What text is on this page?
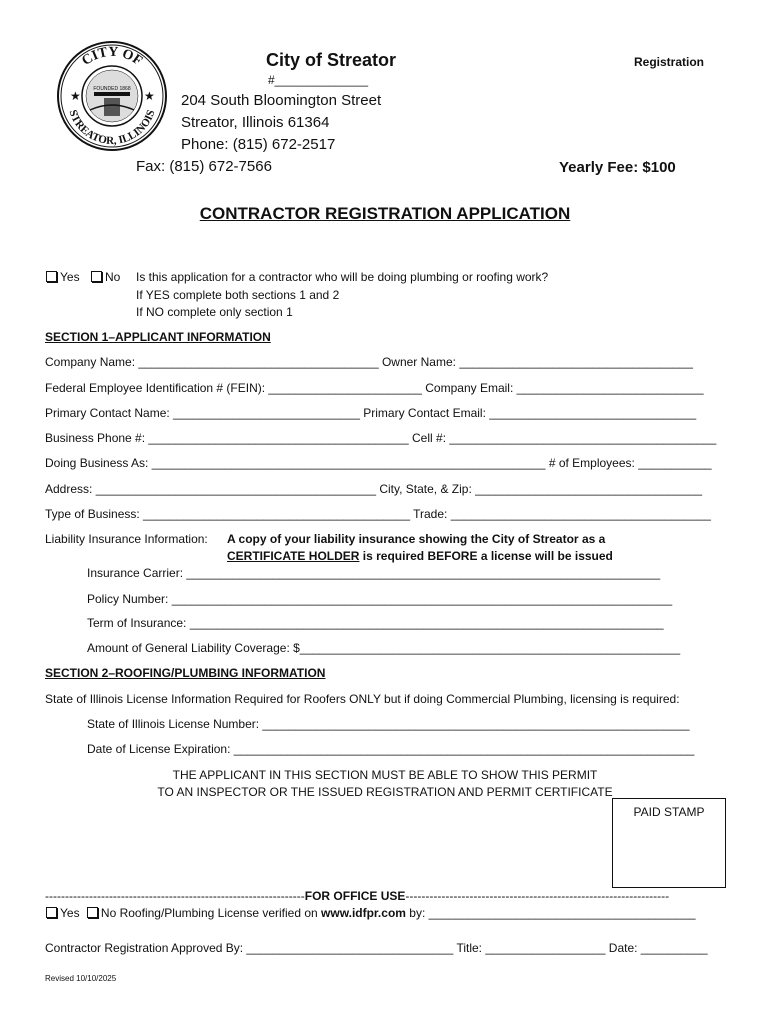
CITY OF
STREATOR, ILLINOIS
★	★
FOUNDED 1868
City of Streator
#______________
Registration
204 South Bloomington Street
Streator, Illinois 61364
Phone: (815) 672-2517
Fax: (815) 672-7566	Yearly Fee: $100
CONTRACTOR REGISTRATION APPLICATION
Yes	No Is this application for a contractor who will be doing plumbing or roofing work?
If YES complete both sections 1 and 2
If NO complete only section 1
SECTION 1–APPLICANT INFORMATION
Company Name: ____________________________________ Owner Name: ___________________________________
Federal Employee Identification # (FEIN): _______________________ Company Email: ____________________________
Primary Contact Name: ____________________________ Primary Contact Email: _______________________________
Business Phone #: _______________________________________ Cell #: ________________________________________
Doing Business As: ___________________________________________________________ # of Employees: ___________
Address: __________________________________________ City, State, & Zip: __________________________________
Type of Business: ________________________________________ Trade: _______________________________________
Liability Insurance Information: A copy of your liability insurance showing the City of Streator as a
CERTIFICATE HOLDER is required BEFORE a license will be issued
Insurance Carrier: _______________________________________________________________________
Policy Number: ___________________________________________________________________________
Term of Insurance: _______________________________________________________________________
Amount of General Liability Coverage: $_________________________________________________________
SECTION 2–ROOFING/PLUMBING INFORMATION
State of Illinois License Information Required for Roofers ONLY but if doing Commercial Plumbing, licensing is required:
State of Illinois License Number: ________________________________________________________________
Date of License Expiration: _____________________________________________________________________
THE APPLICANT IN THIS SECTION MUST BE ABLE TO SHOW THIS PERMIT
TO AN INSPECTOR OR THE ISSUED REGISTRATION AND PERMIT CERTIFICATE
PAID STAMP
-----------------------------------------------------------------FOR OFFICE USE------------------------------------------------------------------
Yes No Roofing/Plumbing License verified on www.idfpr.com by: ________________________________________
Contractor Registration Approved By: _______________________________ Title: __________________ Date: __________
Revised 10/10/2025
